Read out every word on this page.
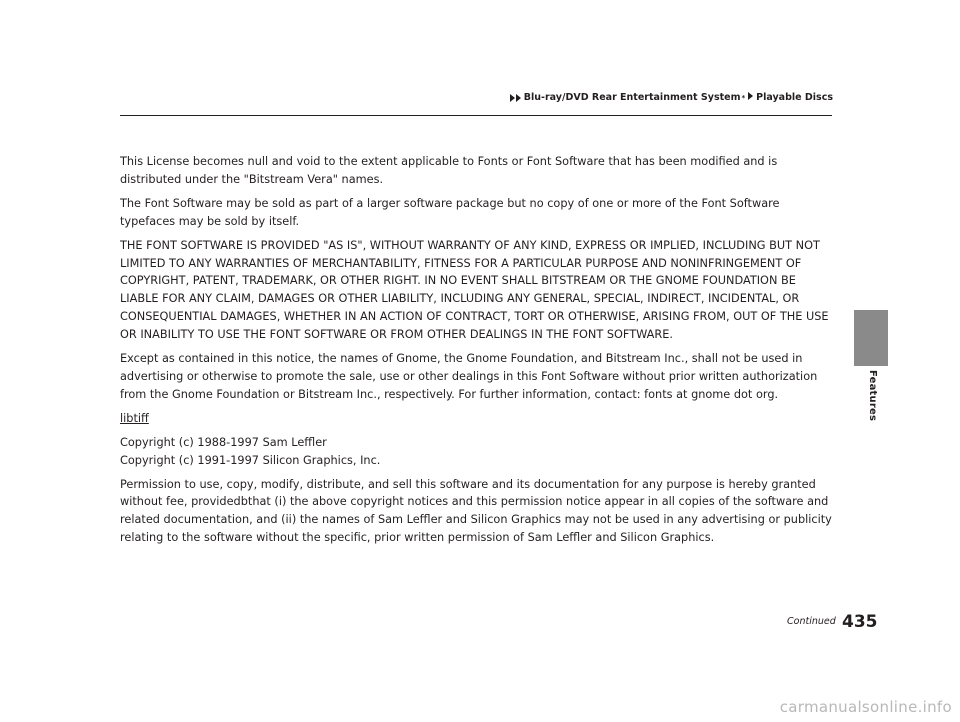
Blu-ray/DVD Rear Entertainment System * Playable Discs
Features

This License becomes null and void to the extent applicable to Fonts or Font Software that has been modified and is distributed under the "Bitstream Vera" names.

The Font Software may be sold as part of a larger software package but no copy of one or more of the Font Software typefaces may be sold by itself.

THE FONT SOFTWARE IS PROVIDED "AS IS", WITHOUT WARRANTY OF ANY KIND, EXPRESS OR IMPLIED, INCLUDING BUT NOT LIMITED TO ANY WARRANTIES OF MERCHANTABILITY, FITNESS FOR A PARTICULAR PURPOSE AND NONINFRINGEMENT OF COPYRIGHT, PATENT, TRADEMARK, OR OTHER RIGHT. IN NO EVENT SHALL BITSTREAM OR THE GNOME FOUNDATION BE LIABLE FOR ANY CLAIM, DAMAGES OR OTHER LIABILITY, INCLUDING ANY GENERAL, SPECIAL, INDIRECT, INCIDENTAL, OR CONSEQUENTIAL DAMAGES, WHETHER IN AN ACTION OF CONTRACT, TORT OR OTHERWISE, ARISING FROM, OUT OF THE USE OR INABILITY TO USE THE FONT SOFTWARE OR FROM OTHER DEALINGS IN THE FONT SOFTWARE.

Except as contained in this notice, the names of Gnome, the Gnome Foundation, and Bitstream Inc., shall not be used in advertising or otherwise to promote the sale, use or other dealings in this Font Software without prior written authorization from the Gnome Foundation or Bitstream Inc., respectively. For further information, contact: fonts at gnome dot org.

libtiff

Copyright (c) 1988-1997 Sam Leffler

Copyright (c) 1991-1997 Silicon Graphics, Inc.

Permission to use, copy, modify, distribute, and sell this software and its documentation for any purpose is hereby granted without fee, providedbthat (i) the above copyright notices and this permission notice appear in all copies of the software and related documentation, and (ii) the names of Sam Leffler and Silicon Graphics may not be used in any advertising or publicity relating to the software without the specific, prior written permission of Sam Leffler and Silicon Graphics.

Continued 435
carmanualsonline.info
